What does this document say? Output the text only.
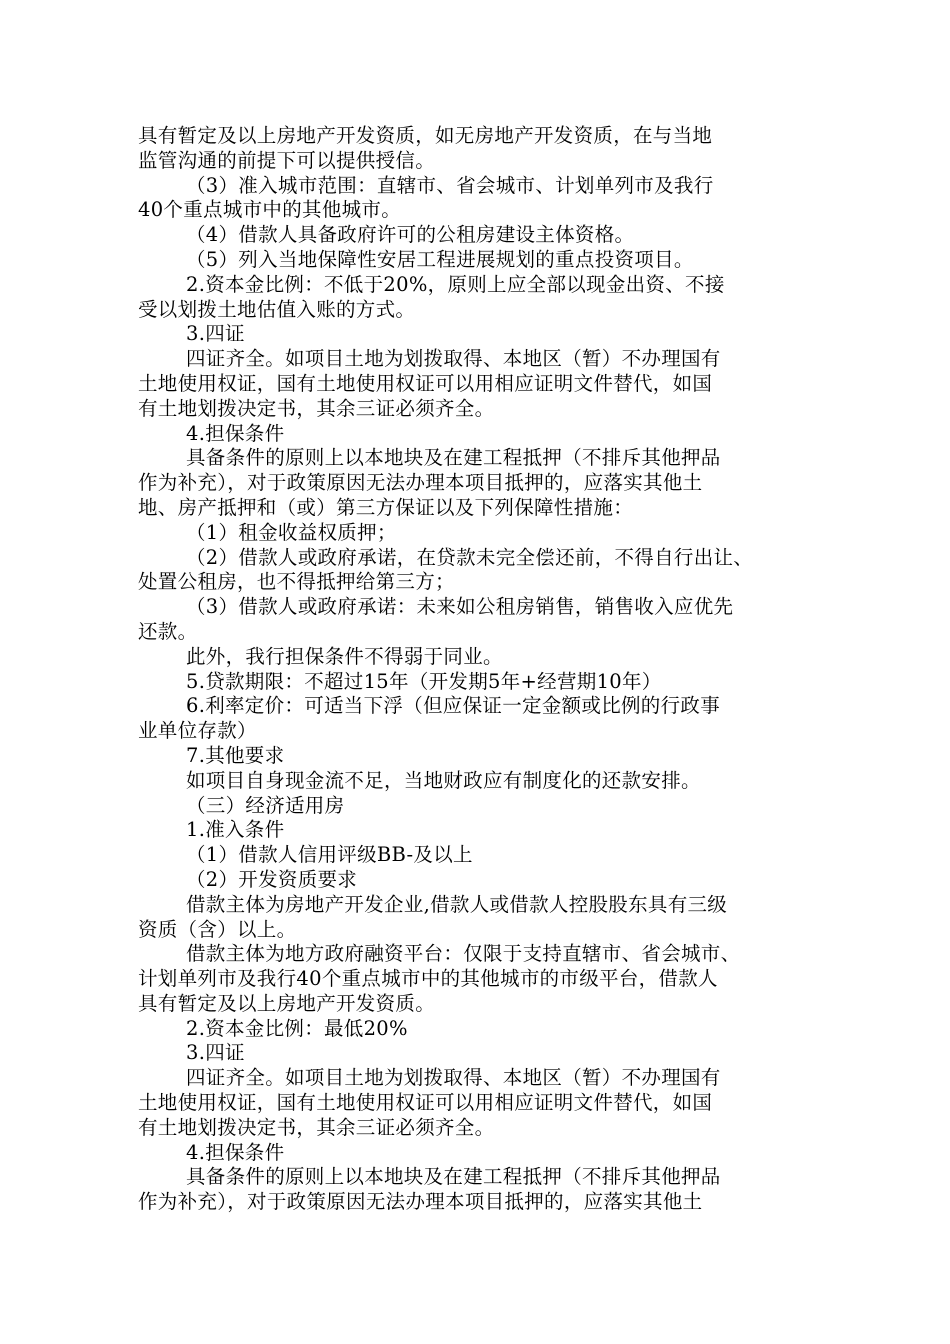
具有暂定及以上房地产开发资质，如无房地产开发资质，在与当地
监管沟通的前提下可以提供授信。
（3）准入城市范围：直辖市、省会城市、计划单列市及我行
40个重点城市中的其他城市。
（4）借款人具备政府许可的公租房建设主体资格。
（5）列入当地保障性安居工程进展规划的重点投资项目。
2.资本金比例：不低于20%，原则上应全部以现金出资、不接
受以划拨土地估值入账的方式。
3.四证
四证齐全。如项目土地为划拨取得、本地区（暂）不办理国有
土地使用权证，国有土地使用权证可以用相应证明文件替代，如国
有土地划拨决定书，其余三证必须齐全。
4.担保条件
具备条件的原则上以本地块及在建工程抵押（不排斥其他押品
作为补充），对于政策原因无法办理本项目抵押的，应落实其他土
地、房产抵押和（或）第三方保证以及下列保障性措施：
（1）租金收益权质押；
（2）借款人或政府承诺，在贷款未完全偿还前，不得自行出让、
处置公租房，也不得抵押给第三方；
（3）借款人或政府承诺：未来如公租房销售，销售收入应优先
还款。
此外，我行担保条件不得弱于同业。
5.贷款期限：不超过15年（开发期5年+经营期10年）
6.利率定价：可适当下浮（但应保证一定金额或比例的行政事
业单位存款）
7.其他要求
如项目自身现金流不足，当地财政应有制度化的还款安排。
（三）经济适用房
1.准入条件
（1）借款人信用评级BB-及以上
（2）开发资质要求
借款主体为房地产开发企业,借款人或借款人控股股东具有三级
资质（含）以上。
借款主体为地方政府融资平台：仅限于支持直辖市、省会城市、
计划单列市及我行40个重点城市中的其他城市的市级平台，借款人
具有暂定及以上房地产开发资质。
2.资本金比例：最低20%
3.四证
四证齐全。如项目土地为划拨取得、本地区（暂）不办理国有
土地使用权证，国有土地使用权证可以用相应证明文件替代，如国
有土地划拨决定书，其余三证必须齐全。
4.担保条件
具备条件的原则上以本地块及在建工程抵押（不排斥其他押品
作为补充），对于政策原因无法办理本项目抵押的，应落实其他土
